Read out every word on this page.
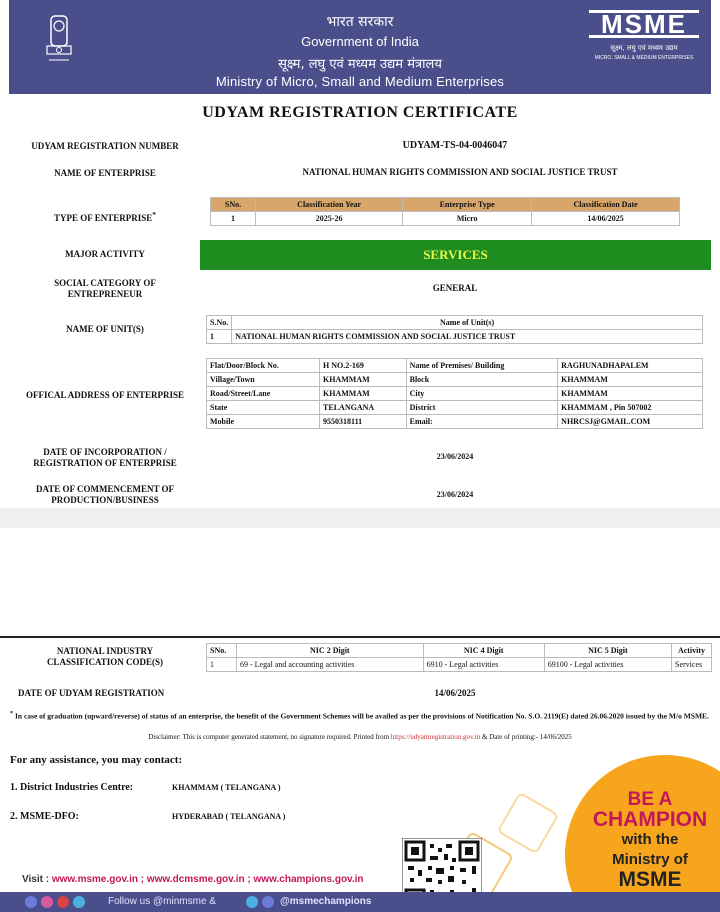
भारत सरकार
Government of India
सूक्ष्म, लघु एवं मध्यम उद्यम मंत्रालय
Ministry of Micro, Small and Medium Enterprises
MSME
सूक्ष्म, लघु एवं मध्यम उद्यम
MICRO, SMALL & MEDIUM ENTERPRISES
UDYAM REGISTRATION CERTIFICATE
UDYAM REGISTRATION NUMBER	UDYAM-TS-04-0046047
NAME OF ENTERPRISE	NATIONAL HUMAN RIGHTS COMMISSION AND SOCIAL JUSTICE TRUST
TYPE OF ENTERPRISE*
SNo.	Classification Year	Enterprise Type	Classification Date
1	2025-26	Micro	14/06/2025
MAJOR ACTIVITY	SERVICES
SOCIAL CATEGORY OF
ENTREPRENEUR
GENERAL
NAME OF UNIT(S)
S.No.	Name of Unit(s)
1	NATIONAL HUMAN RIGHTS COMMISSION AND SOCIAL JUSTICE TRUST
OFFICAL ADDRESS OF ENTERPRISE
Flat/Door/Block No.	H NO.2-169	Name of Premises/ Building	RAGHUNADHAPALEM
Village/Town	KHAMMAM	Block	KHAMMAM
Road/Street/Lane	KHAMMAM	City	KHAMMAM
State	TELANGANA	District	KHAMMAM , Pin 507002
Mobile	9550318111	Email:	NHRCSJ@GMAIL.COM
DATE OF INCORPORATION /
REGISTRATION OF ENTERPRISE
23/06/2024
DATE OF COMMENCEMENT OF
PRODUCTION/BUSINESS
23/06/2024
NATIONAL INDUSTRY
CLASSIFICATION CODE(S)
SNo.	NIC 2 Digit	NIC 4 Digit	NIC 5 Digit	Activity
1	69 - Legal and accounting activities	6910 - Legal activities	69100 - Legal activities	Services
DATE OF UDYAM REGISTRATION	14/06/2025
* In case of graduation (upward/reverse) of status of an enterprise, the benefit of the Government Schemes will be availed as per the provisions of Notification No. S.O. 2119(E) dated 26.06.2020 issued by the M/o MSME.
Disclaimer: This is computer generated statement, no signature required. Printed from https://udyamregistration.gov.in & Date of printing:- 14/06/2025
For any assistance, you may contact:
1. District Industries Centre:	KHAMMAM ( TELANGANA )
2. MSME-DFO:	HYDERABAD ( TELANGANA )
BE A
CHAMPION
with the
Ministry of
MSME
Visit : www.msme.gov.in ; www.dcmsme.gov.in ; www.champions.gov.in
Follow us @minmsme &	@msmechampions
